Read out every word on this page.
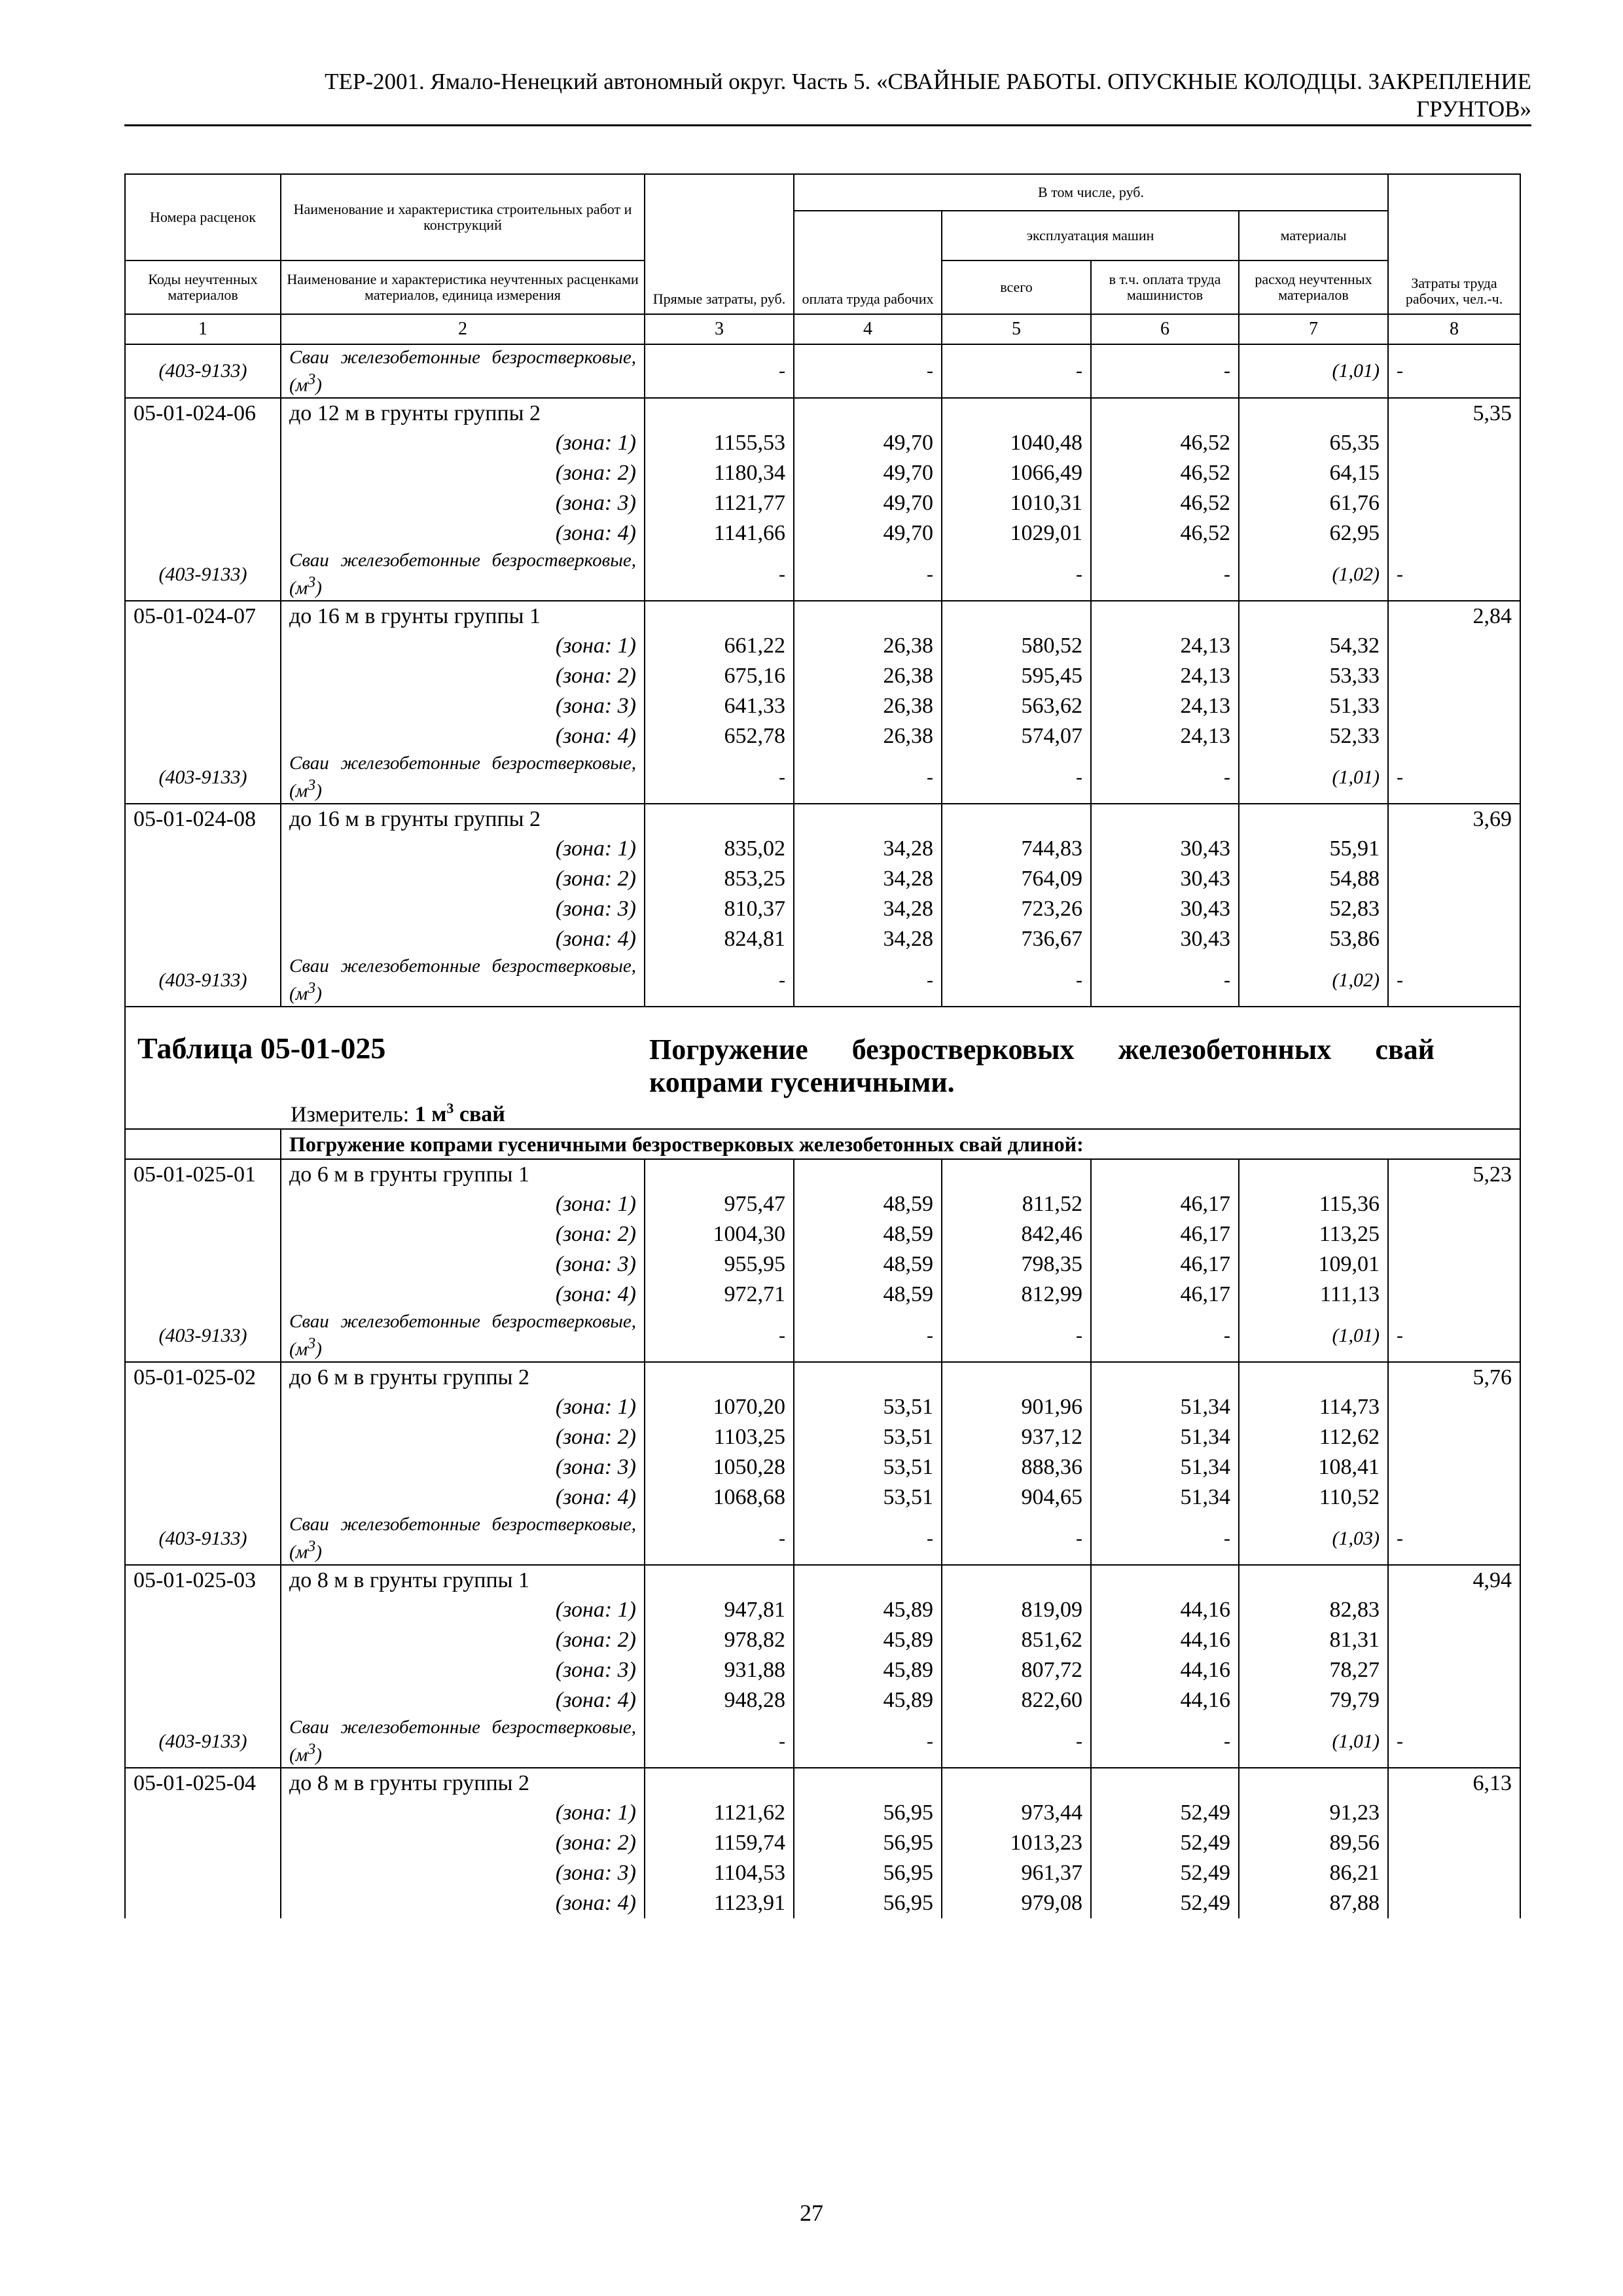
ТЕР-2001. Ямало-Ненецкий автономный округ. Часть 5. «СВАЙНЫЕ РАБОТЫ. ОПУСКНЫЕ КОЛОДЦЫ. ЗАКРЕПЛЕНИЕ
ГРУНТОВ»
Номера расценок	Наименование и характеристика строительных работ и конструкций	Прямые затраты, руб.	В том числе, руб.				Затраты труда рабочих, чел.-ч.
			оплата труда рабочих	эксплуатация машин		материалы	
Коды неучтенных материалов	Наименование и характеристика неучтенных расценками материалов, единица измерения			всего	в т.ч. оплата труда машинистов	расход неучтенных материалов	
1	2	3	4	5	6	7	8
(403-9133)	Сваи железобетонные безростверковые, $(м^3)$	-	-	-	-	(1,01)	-
05-01-024-06	до 12 м в грунты группы 2						5,35
	(зона: 1)	1155,53	49,70	1040,48	46,52	65,35	
	(зона: 2)	1180,34	49,70	1066,49	46,52	64,15	
	(зона: 3)	1121,77	49,70	1010,31	46,52	61,76	
	(зона: 4)	1141,66	49,70	1029,01	46,52	62,95	
(403-9133)	Сваи железобетонные безростверковые, $(м^3)$	-	-	-	-	(1,02)	-
05-01-024-07	до 16 м в грунты группы 1						2,84
	(зона: 1)	661,22	26,38	580,52	24,13	54,32	
	(зона: 2)	675,16	26,38	595,45	24,13	53,33	
	(зона: 3)	641,33	26,38	563,62	24,13	51,33	
	(зона: 4)	652,78	26,38	574,07	24,13	52,33	
(403-9133)	Сваи железобетонные безростверковые, $(м^3)$	-	-	-	-	(1,01)	-
05-01-024-08	до 16 м в грунты группы 2						3,69
	(зона: 1)	835,02	34,28	744,83	30,43	55,91	
	(зона: 2)	853,25	34,28	764,09	30,43	54,88	
	(зона: 3)	810,37	34,28	723,26	30,43	52,83	
	(зона: 4)	824,81	34,28	736,67	30,43	53,86	
(403-9133)	Сваи железобетонные безростверковые, $(м^3)$	-	-	-	-	(1,02)	-

Таблица 05-01-025 Погружение безростверковых железобетонных свай копрами гусеничными.							

Измеритель: 1 $м^3$ свай							

	Погружение копрами гусеничными безростверковых железобетонных свай длиной:						
05-01-025-01	до 6 м в грунты группы 1						5,23
	(зона: 1)	975,47	48,59	811,52	46,17	115,36	
	(зона: 2)	1004,30	48,59	842,46	46,17	113,25	
	(зона: 3)	955,95	48,59	798,35	46,17	109,01	
	(зона: 4)	972,71	48,59	812,99	46,17	111,13	
(403-9133)	Сваи железобетонные безростверковые, $(м^3)$	-	-	-	-	(1,01)	-
05-01-025-02	до 6 м в грунты группы 2						5,76
	(зона: 1)	1070,20	53,51	901,96	51,34	114,73	
	(зона: 2)	1103,25	53,51	937,12	51,34	112,62	
	(зона: 3)	1050,28	53,51	888,36	51,34	108,41	
	(зона: 4)	1068,68	53,51	904,65	51,34	110,52	
(403-9133)	Сваи железобетонные безростверковые, $(м^3)$	-	-	-	-	(1,03)	-
05-01-025-03	до 8 м в грунты группы 1						4,94
	(зона: 1)	947,81	45,89	819,09	44,16	82,83	
	(зона: 2)	978,82	45,89	851,62	44,16	81,31	
	(зона: 3)	931,88	45,89	807,72	44,16	78,27	
	(зона: 4)	948,28	45,89	822,60	44,16	79,79	
(403-9133)	Сваи железобетонные безростверковые, $(м^3)$	-	-	-	-	(1,01)	-
05-01-025-04	до 8 м в грунты группы 2						6,13
	(зона: 1)	1121,62	56,95	973,44	52,49	91,23	
	(зона: 2)	1159,74	56,95	1013,23	52,49	89,56	
	(зона: 3)	1104,53	56,95	961,37	52,49	86,21	
	(зона: 4)	1123,91	56,95	979,08	52,49	87,88	
27
